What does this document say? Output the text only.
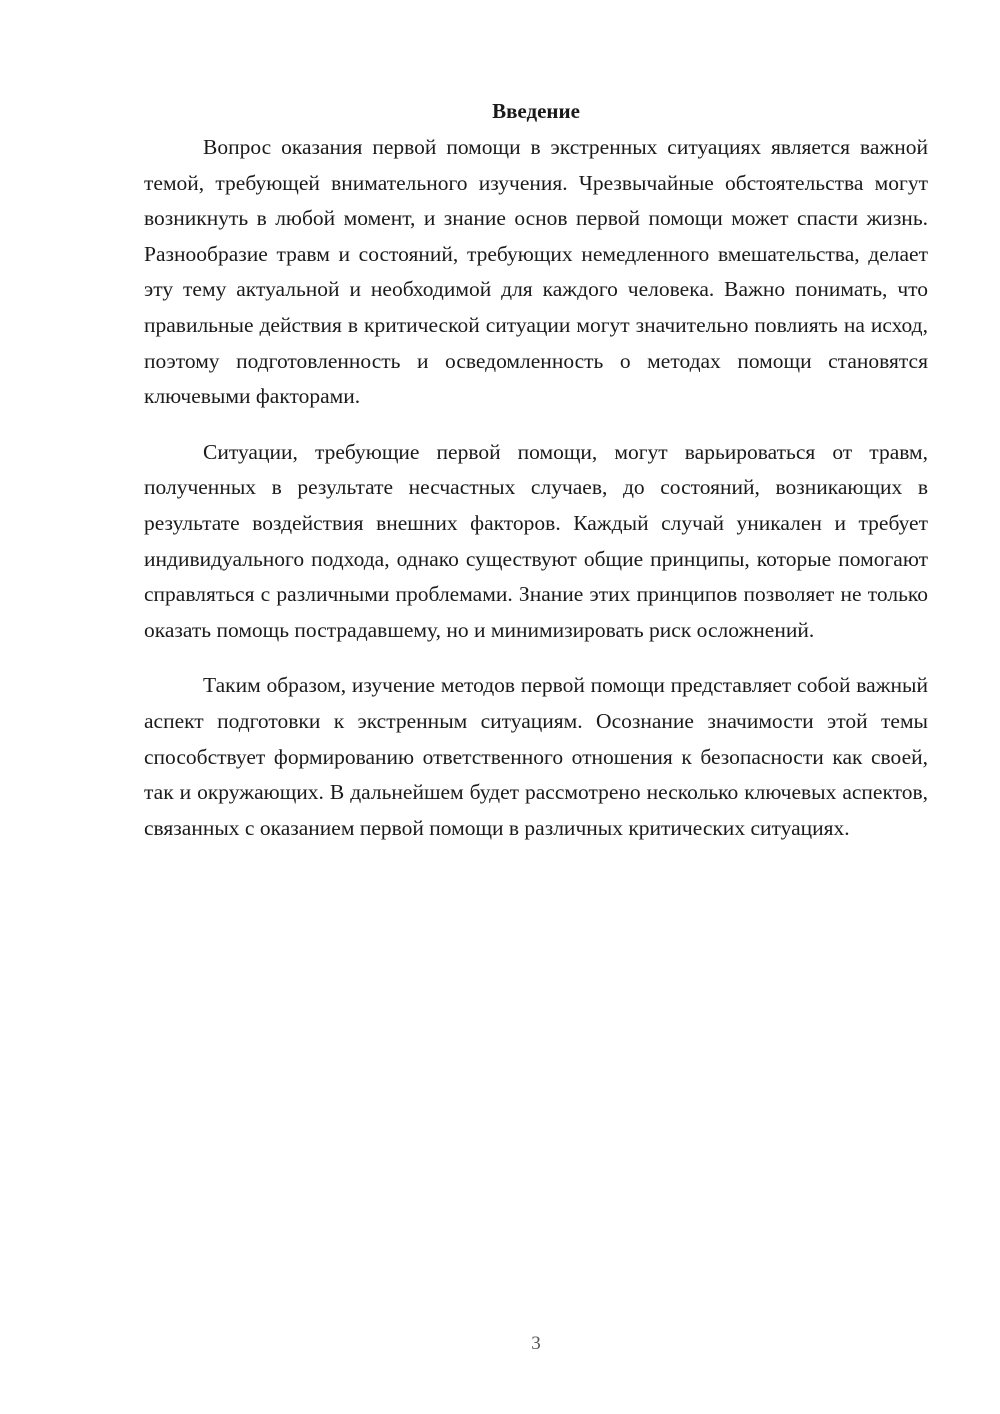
Введение

Вопрос оказания первой помощи в экстренных ситуациях является важной темой, требующей внимательного изучения. Чрезвычайные обстоятельства могут возникнуть в любой момент, и знание основ первой помощи может спасти жизнь. Разнообразие травм и состояний, требующих немедленного вмешательства, делает эту тему актуальной и необходимой для каждого человека. Важно понимать, что правильные действия в критической ситуации могут значительно повлиять на исход, поэтому подготовленность и осведомленность о методах помощи становятся ключевыми факторами.

Ситуации, требующие первой помощи, могут варьироваться от травм, полученных в результате несчастных случаев, до состояний, возникающих в результате воздействия внешних факторов. Каждый случай уникален и требует индивидуального подхода, однако существуют общие принципы, которые помогают справляться с различными проблемами. Знание этих принципов позволяет не только оказать помощь пострадавшему, но и минимизировать риск осложнений.

Таким образом, изучение методов первой помощи представляет собой важный аспект подготовки к экстренным ситуациям. Осознание значимости этой темы способствует формированию ответственного отношения к безопасности как своей, так и окружающих. В дальнейшем будет рассмотрено несколько ключевых аспектов, связанных с оказанием первой помощи в различных критических ситуациях.

3
